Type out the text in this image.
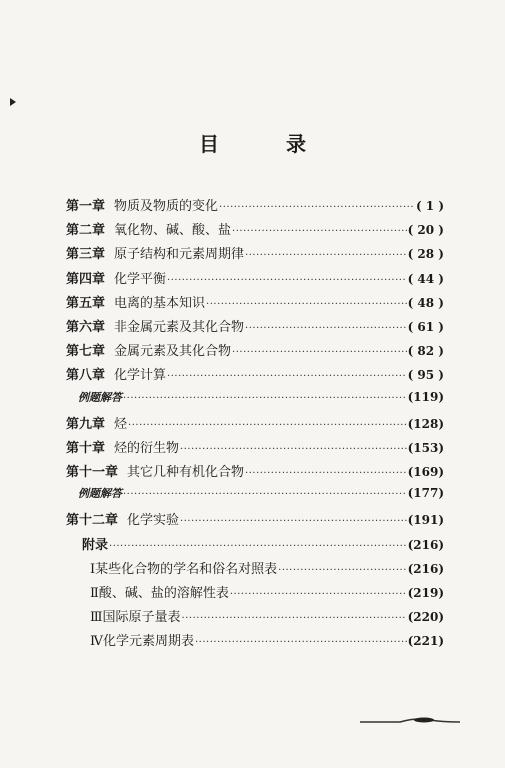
目 录
第一章 物质及物质的变化 ·····	( 1 )
第二章 氧化物、碱、酸、盐 ·····	( 20 )
第三章 原子结构和元素周期律 ·····	( 28 )
第四章 化学平衡 ·····	( 44 )
第五章 电离的基本知识 ·····	( 48 )
第六章 非金属元素及其化合物 ·····	( 61 )
第七章 金属元素及其化合物 ·····	( 82 )
第八章 化学计算 ·····	( 95 )
例题解答 ·····	(119)
第九章 烃 ·····	(128)
第十章 烃的衍生物 ·····	(153)
第十一章 其它几种有机化合物 ·····	(169)
例题解答 ·····	(177)
第十二章 化学实验 ·····	(191)
附录 ·····	(216)
Ⅰ某些化合物的学名和俗名对照表 ·····	(216)
Ⅱ酸、碱、盐的溶解性表 ·····	(219)
Ⅲ国际原子量表 ·····	(220)
Ⅳ化学元素周期表 ·····	(221)
